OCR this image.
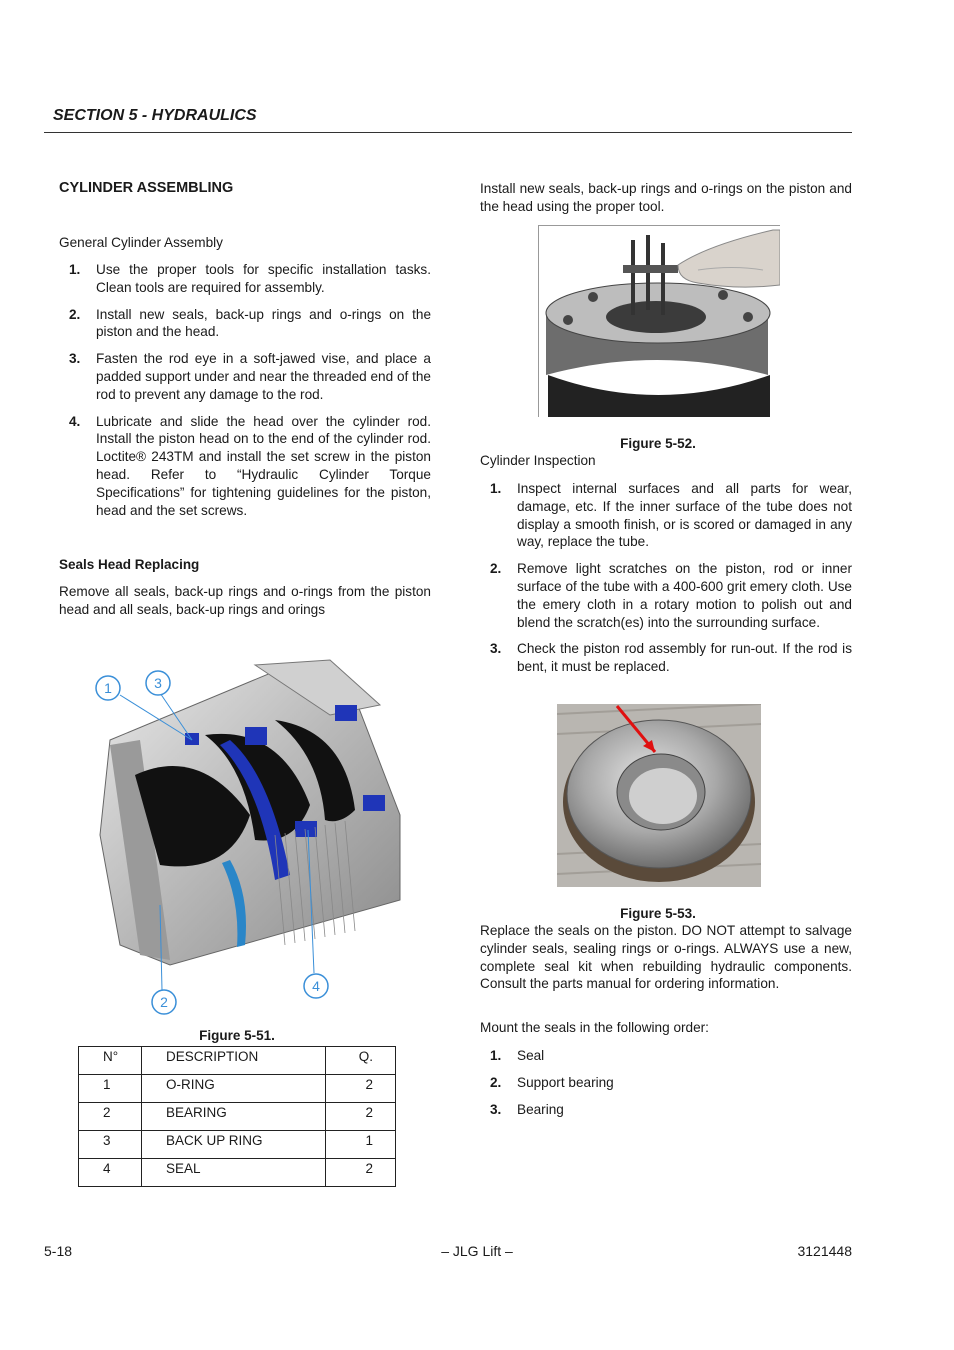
SECTION 5 - HYDRAULICS
CYLINDER ASSEMBLING
General Cylinder Assembly
1. Use the proper tools for specific installation tasks. Clean tools are required for assembly.
2. Install new seals, back-up rings and o-rings on the piston and the head.
3. Fasten the rod eye in a soft-jawed vise, and place a padded support under and near the threaded end of the rod to prevent any damage to the rod.
4. Lubricate and slide the head over the cylinder rod. Install the piston head on to the end of the cylinder rod. Loctite® 243TM and install the set screw in the piston head. Refer to “Hydraulic Cylinder Torque Specifications” for tightening guidelines for the piston, head and the set screws.
Seals Head Replacing
Remove all seals, back-up rings and o-rings from the piston head and all seals, back-up rings and orings
1
2
3
4
Figure 5-51.
N°	DESCRIPTION	Q.
1	O-RING	2
2	BEARING	2
3	BACK UP RING	1
4	SEAL	2
Install new seals, back-up rings and o-rings on the piston and the head using the proper tool.
Figure 5-52.
Cylinder Inspection
1. Inspect internal surfaces and all parts for wear, damage, etc. If the inner surface of the tube does not display a smooth finish, or is scored or damaged in any way, replace the tube.
2. Remove light scratches on the piston, rod or inner surface of the tube with a 400-600 grit emery cloth. Use the emery cloth in a rotary motion to polish out and blend the scratch(es) into the surrounding surface.
3. Check the piston rod assembly for run-out. If the rod is bent, it must be replaced.
Figure 5-53.
Replace the seals on the piston. DO NOT attempt to salvage cylinder seals, sealing rings or o-rings. ALWAYS use a new, complete seal kit when rebuilding hydraulic components. Consult the parts manual for ordering information.
Mount the seals in the following order:
1. Seal
2. Support bearing
3. Bearing
5-18	– JLG Lift –	3121448
